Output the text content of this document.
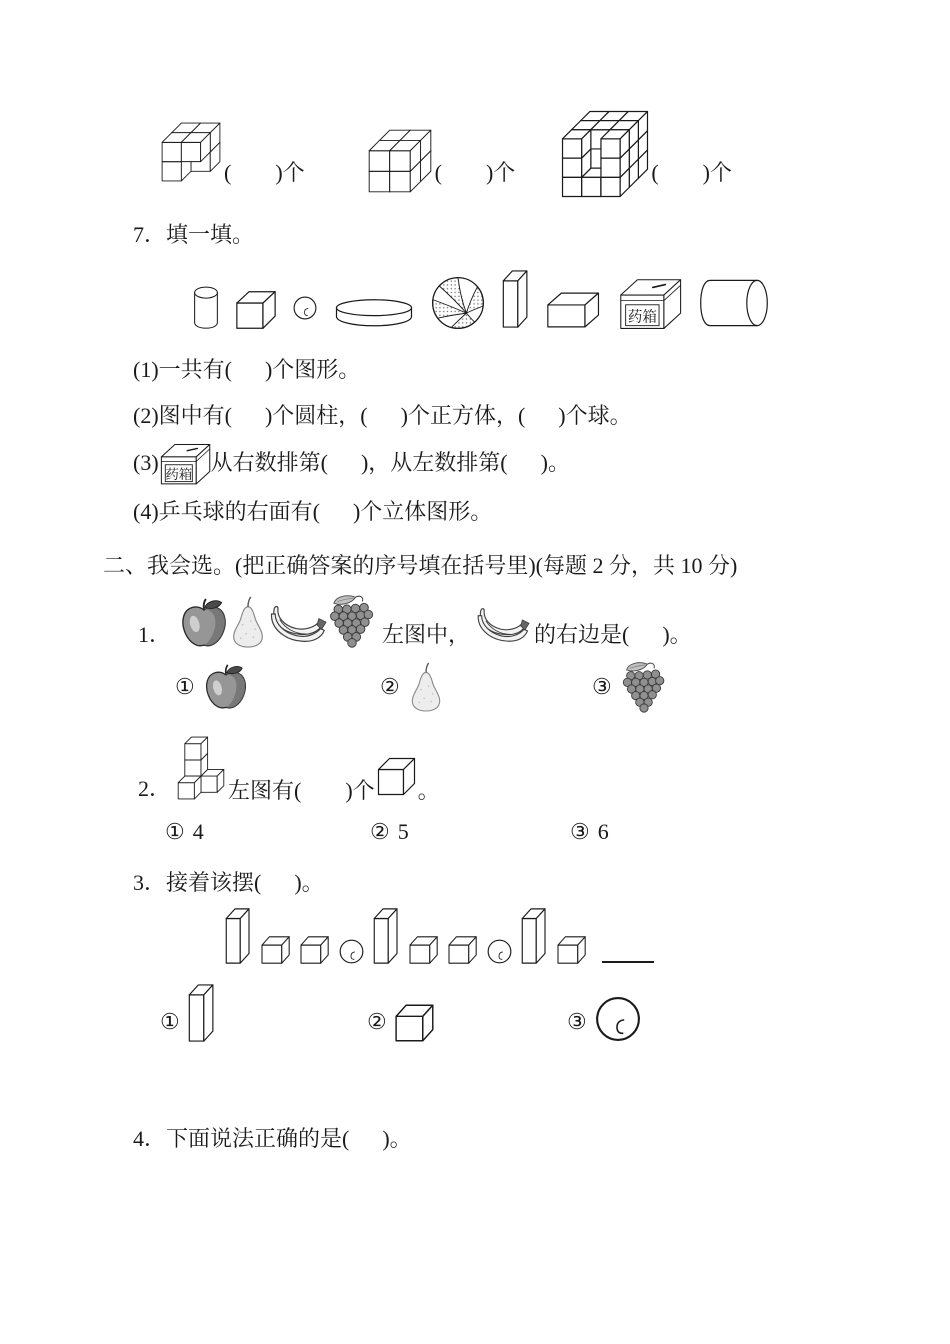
(        )个	(        )个	(        )个
7． 填一填。
药箱
(1)一共有(      )个图形。
(2)图中有(      )个圆柱，(      )个正方体，(      )个球。
(3) 药箱 从右数排第(      )，从左数排第(      )。
(4)乒乓球的右面有(      )个立体图形。
二、我会选。(把正确答案的序号填在括号里)(每题 2 分，共 10 分)
1．	左图中，	的右边是(      )。
①	②	③
2．	左图有(        )个 。
① 4	② 5	③ 6
3． 接着该摆(      )。
①	②	③
4． 下面说法正确的是(      )。
